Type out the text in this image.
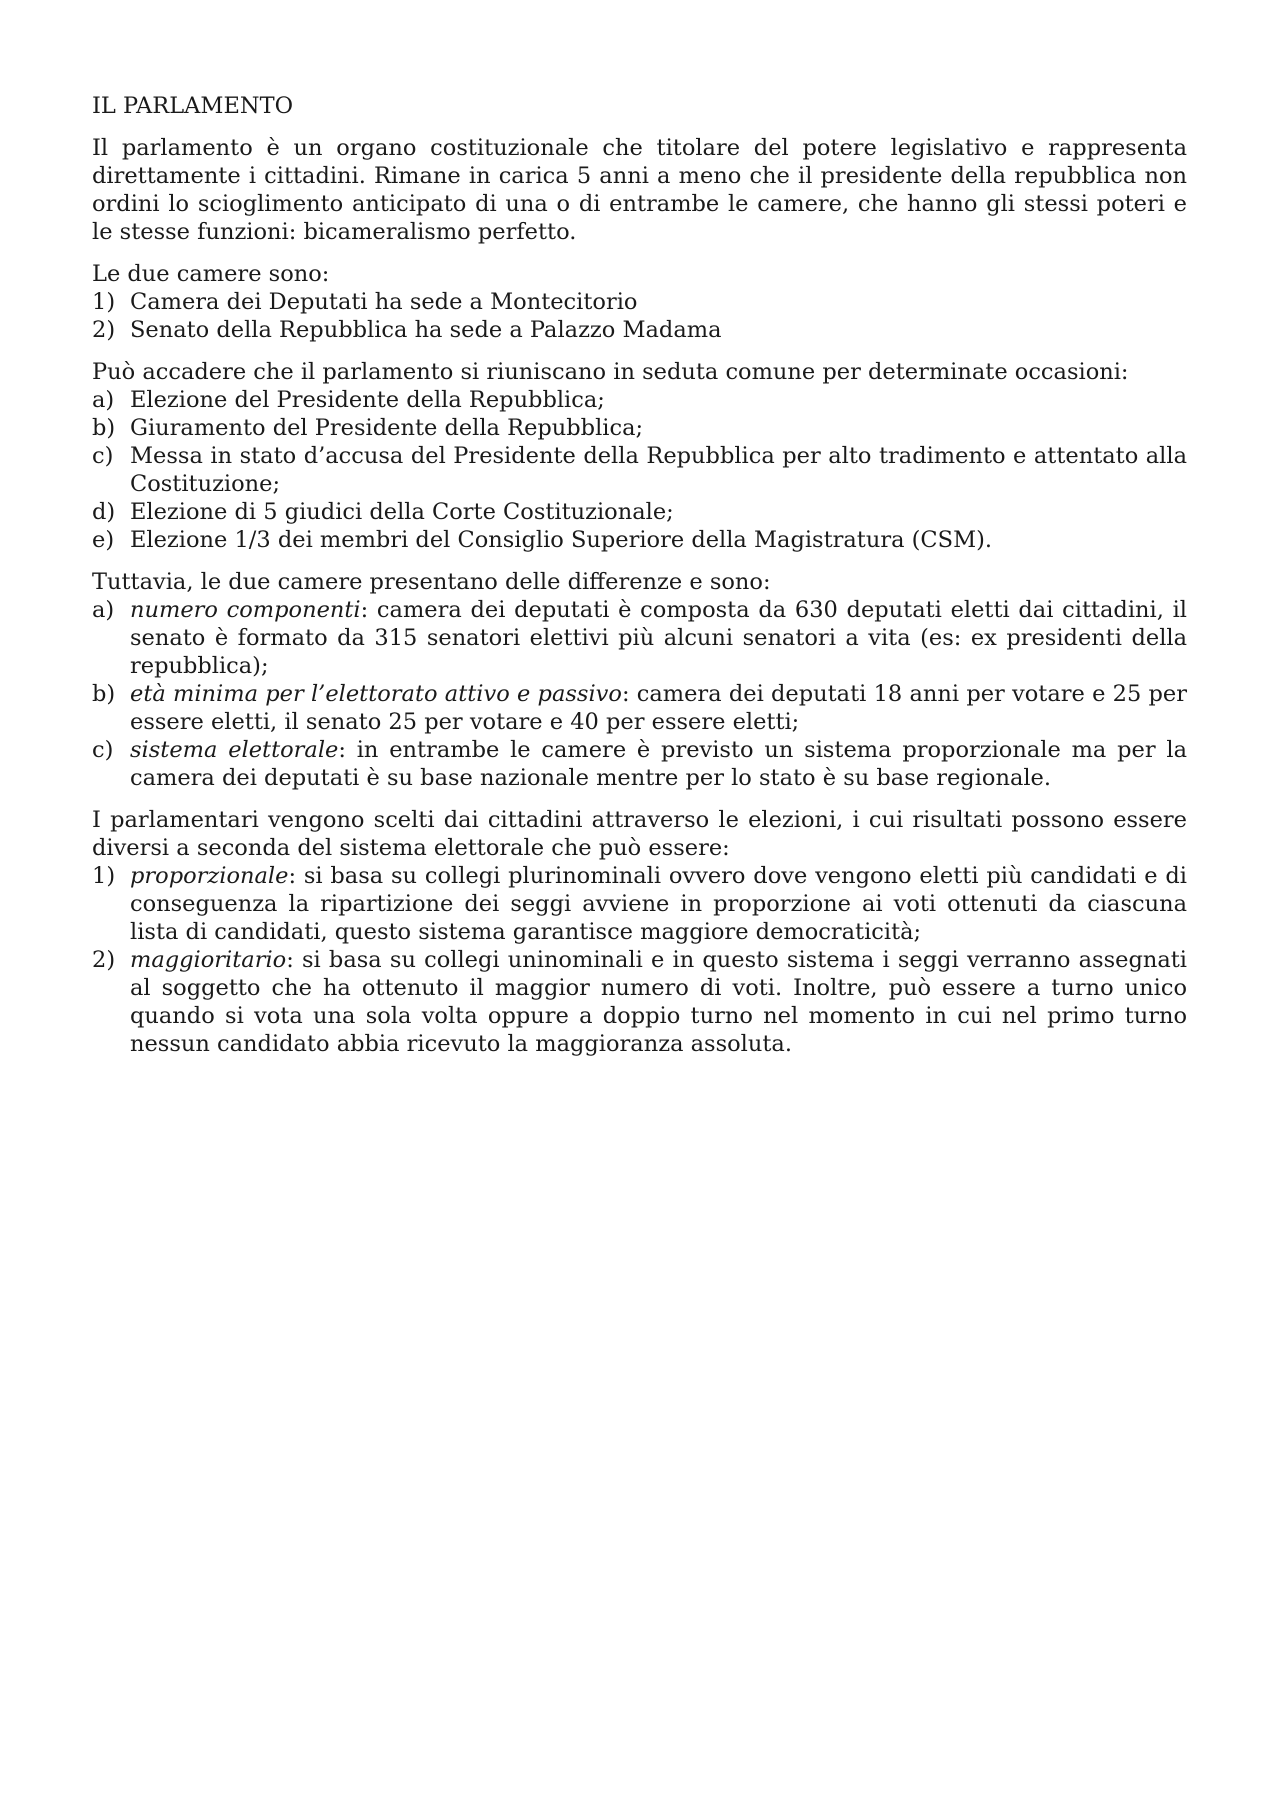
IL PARLAMENTO

Il parlamento è un organo costituzionale che titolare del potere legislativo e rappresenta direttamente i cittadini. Rimane in carica 5 anni a meno che il presidente della repubblica non ordini lo scioglimento anticipato di una o di entrambe le camere, che hanno gli stessi poteri e le stesse funzioni: bicameralismo perfetto.

Le due camere sono:
1) Camera dei Deputati ha sede a Montecitorio
2) Senato della Repubblica ha sede a Palazzo Madama
Può accadere che il parlamento si riuniscano in seduta comune per determinate occasioni:
a) Elezione del Presidente della Repubblica;
b) Giuramento del Presidente della Repubblica;
c) Messa in stato d’accusa del Presidente della Repubblica per alto tradimento e attentato alla Costituzione;
d) Elezione di 5 giudici della Corte Costituzionale;
e) Elezione 1/3 dei membri del Consiglio Superiore della Magistratura (CSM).
Tuttavia, le due camere presentano delle differenze e sono:
a) numero componenti: camera dei deputati è composta da 630 deputati eletti dai cittadini, il senato è formato da 315 senatori elettivi più alcuni senatori a vita (es: ex presidenti della repubblica);
b) età minima per l’elettorato attivo e passivo: camera dei deputati 18 anni per votare e 25 per essere eletti, il senato 25 per votare e 40 per essere eletti;
c) sistema elettorale: in entrambe le camere è previsto un sistema proporzionale ma per la camera dei deputati è su base nazionale mentre per lo stato è su base regionale.
I parlamentari vengono scelti dai cittadini attraverso le elezioni, i cui risultati possono essere diversi a seconda del sistema elettorale che può essere:
1) proporzionale: si basa su collegi plurinominali ovvero dove vengono eletti più candidati e di conseguenza la ripartizione dei seggi avviene in proporzione ai voti ottenuti da ciascuna lista di candidati, questo sistema garantisce maggiore democraticità;
2) maggioritario: si basa su collegi uninominali e in questo sistema i seggi verranno assegnati al soggetto che ha ottenuto il maggior numero di voti. Inoltre, può essere a turno unico quando si vota una sola volta oppure a doppio turno nel momento in cui nel primo turno nessun candidato abbia ricevuto la maggioranza assoluta.
